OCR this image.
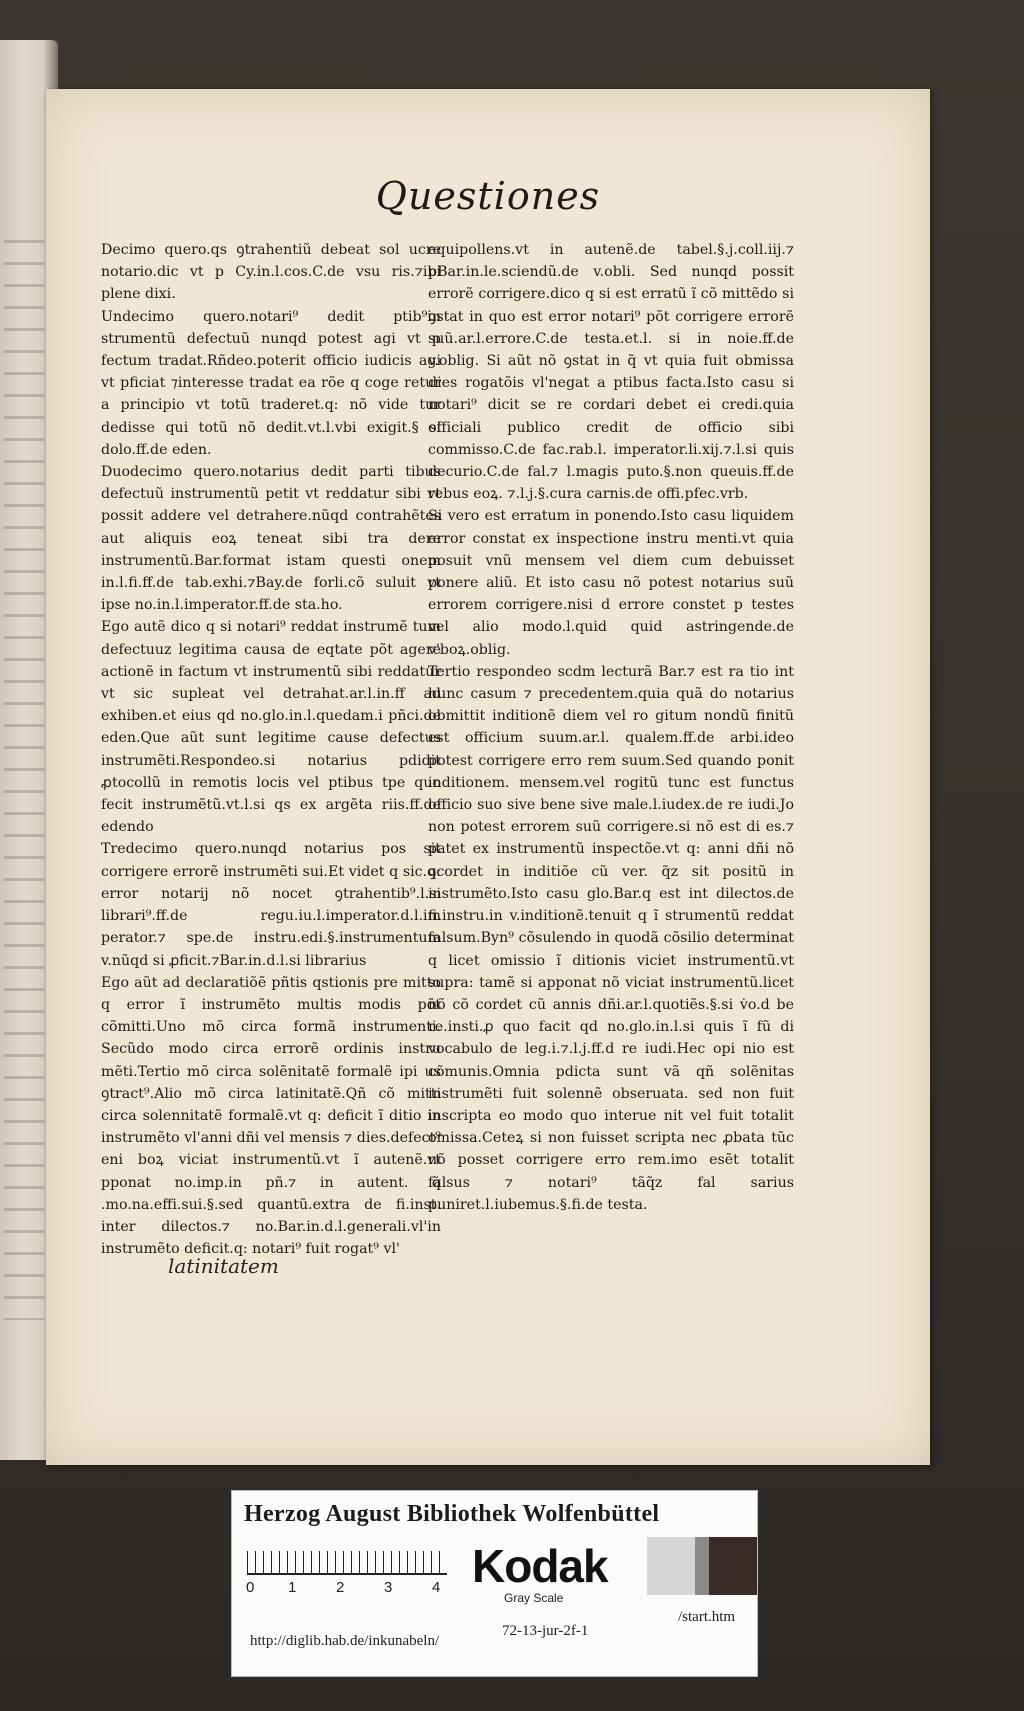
Questiones

Decimo quero.qs ꝯtrahentiũ debeat sol ucre notario.dic vt p Cy.in.l.cos.C.de vsu ris.⁊ibi plene dixi.

Undecimo quero.notari⁹ dedit ptib⁹in strumentũ defectuũ nunqd potest agi vt p fectum tradat.Rñdeo.poterit officio iudicis agi vt pficiat ⁊interesse tradat ea rõe q coge retur a principio vt totũ traderet.q: nõ vide tur dedisse qui totũ nõ dedit.vt.l.vbi exigit.§ si dolo.ff.de eden.

Duodecimo quero.notarius dedit parti tibus defectuũ instrumentũ petit vt reddatur sibi vt possit addere vel detrahere.nũqd contrahẽtes aut aliquis eoꝝ teneat sibi tra dere instrumentũ.Bar.format istam questi onem in.l.fi.ff.de tab.exhi.⁊Bay.de forli.cõ suluit vt ipse no.in.l.imperator.ff.de sta.ho.

Ego autẽ dico q si notari⁹ reddat instrumẽ tum defectuuz legitima causa de eqtate põt agere actionẽ in factum vt instrumentũ sibi reddatur vt sic supleat vel detrahat.ar.l.in.ff ad exhiben.et eius qd no.glo.in.l.quedam.i pñci.de eden.Que aũt sunt legitime cause defectus instrumẽti.Respondeo.si notarius pdidit ꝓtocollũ in remotis locis vel ptibus tpe quo fecit instrumẽtũ.vt.l.si qs ex argẽta riis.ff.de edendo

Tredecimo quero.nunqd notarius pos sit corrigere errorẽ instrumẽti sui.Et videt q sic.q: error notarij nõ nocet ꝯtrahentib⁹.l.si librari⁹.ff.de regu.iu.l.imperator.d.l.im perator.⁊ spe.de instru.edi.§.instrumentum v.nũqd si ꝓficit.⁊Bar.in.d.l.si librarius

Ego aũt ad declaratiõẽ pñtis qstionis pre mitto q error ĩ instrumẽto multis modis põt cõmitti.Uno mõ circa formã instrumenti. Secũdo modo circa errorẽ ordinis instru mẽti.Tertio mõ circa solẽnitatẽ formalẽ ipi us ꝯtract⁹.Alio mõ circa latinitatẽ.Qñ cõ mitti circa solennitatẽ formalẽ.vt q: deficit ĩ ditio in instrumẽto vl'anni dñi vel mensis ⁊ dies.defect⁹ eni boꝝ viciat instrumentũ.vt ĩ autenẽ.vt pponat no.imp.in pñ.⁊ in autent. q̃ .mo.na.effi.sui.§.sed quantũ.extra de fi.inst. inter dilectos.⁊ no.Bar.in.d.l.generali.vl'in instrumẽto deficit.q: notari⁹ fuit rogat⁹ vl'

equipollens.vt in autenẽ.de tabel.§.j.coll.iij.⁊ pBar.in.le.sciendũ.de v.obli. Sed nunqd possit errorẽ corrigere.dico q si est erratũ ĩ cõ mittẽdo si ꝯstat in quo est error notari⁹ põt corrigere errorẽ suũ.ar.l.errore.C.de testa.et.l. si in noie.ff.de v.oblig. Si aũt nõ ꝯstat in q̃ vt quia fuit obmissa dies rogatõis vl'negat a ptibus facta.Isto casu si notari⁹ dicit se re cordari debet ei credi.quia officiali publico credit de officio sibi commisso.C.de fac.rab.l. imperator.li.xij.⁊.l.si quis decurio.C.de fal.⁊ l.magis puto.§.non queuis.ff.de rebus eoꝝ. ⁊.l.j.§.cura carnis.de offi.pfec.vrb.

Si vero est erratum in ponendo.Isto casu liquidem error constat ex inspectione instru menti.vt quia posuit vnũ mensem vel diem cum debuisset ponere aliũ. Et isto casu nõ potest notarius suũ errorem corrigere.nisi d errore constet p testes vel alio modo.l.quid quid astringende.de v'boꝝ.oblig.

Tertio respondeo scdm lecturã Bar.⁊ est ra tio int hunc casum ⁊ precedentem.quia quã do notarius obmittit inditionẽ diem vel ro gitum nondũ finitũ est officium suum.ar.l. qualem.ff.de arbi.ideo potest corrigere erro rem suum.Sed quando ponit inditionem. mensem.vel rogitũ tunc est functus officio suo sive bene sive male.l.iudex.de re iudi.Jo non potest errorem suũ corrigere.si nõ est di es.⁊ patet ex instrumentũ inspectõe.vt q: anni dñi nõ ꝯcordet in inditiõe cũ ver. q̃z sit positũ in instrumẽto.Isto casu glo.Bar.q est int dilectos.de fi.instru.in v.inditionẽ.tenuit q ĩ strumentũ reddat falsum.Byn⁹ cõsulendo in quodã cõsilio determinat q licet omissio ĩ ditionis viciet instrumentũ.vt supra: tamẽ si apponat nõ viciat instrumentũ.licet nõ cõ cordet cũ annis dñi.ar.l.quotiẽs.§.si v̇o.d be re.insti.ꝓ quo facit qd no.glo.in.l.si quis ĩ fũ di vocabulo de leg.i.⁊.l.j.ff.d re iudi.Hec opi nio est cõmunis.Omnia pdicta sunt vã qñ solẽnitas instrumẽti fuit solennẽ obseruata. sed non fuit inscripta eo modo quo interue nit vel fuit totalit omissa.Ceteꝝ si non fuisset scripta nec ꝓbata tũc nõ posset corrigere erro rem.imo esẽt totalit falsus ⁊ notari⁹ tãq̃z fal sarius puniret.l.iubemus.§.fi.de testa.

latinitatem
Herzog August Bibliothek Wolfenbüttel
0 1	2	3	4 Kodak
Gray Scale
http://diglib.hab.de/inkunabeln/
72-13-jur-2f-1
/start.htm
